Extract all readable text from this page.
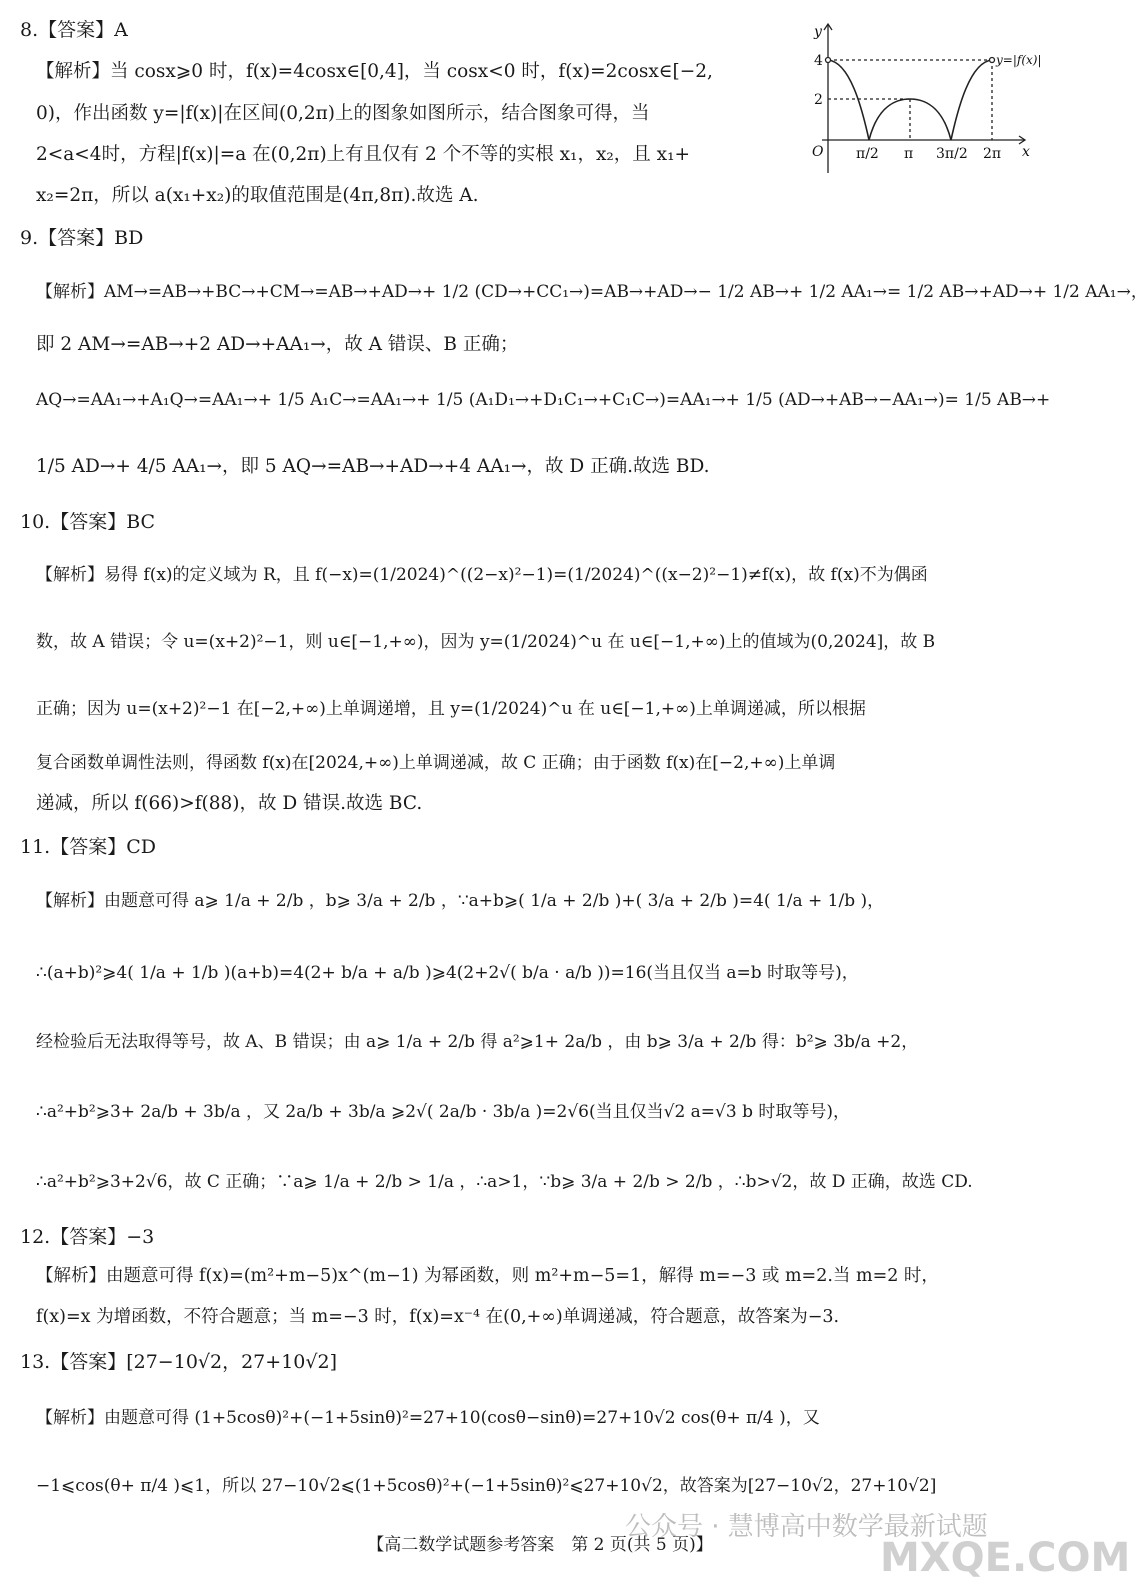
8.【答案】A
【解析】当 cosx⩾0 时，f(x)=4cosx∈[0,4]，当 cosx<0 时，f(x)=2cosx∈[−2,
0)，作出函数 y=|f(x)|在区间(0,2π)上的图象如图所示，结合图象可得，当
2<a<4时，方程|f(x)|=a 在(0,2π)上有且仅有 2 个不等的实根 x₁，x₂，且 x₁+
x₂=2π，所以 a(x₁+x₂)的取值范围是(4π,8π).故选 A.
y
x
O
4
2
π/2 π 3π/2 2π
y=|f(x)|
9.【答案】BD
【解析】AM→=AB→+BC→+CM→=AB→+AD→+ 1/2 (CD→+CC₁→)=AB→+AD→− 1/2 AB→+ 1/2 AA₁→= 1/2 AB→+AD→+ 1/2 AA₁→，
即 2 AM→=AB→+2 AD→+AA₁→，故 A 错误、B 正确；
AQ→=AA₁→+A₁Q→=AA₁→+ 1/5 A₁C→=AA₁→+ 1/5 (A₁D₁→+D₁C₁→+C₁C→)=AA₁→+ 1/5 (AD→+AB→−AA₁→)= 1/5 AB→+
1/5 AD→+ 4/5 AA₁→，即 5 AQ→=AB→+AD→+4 AA₁→，故 D 正确.故选 BD.
10.【答案】BC
【解析】易得 f(x)的定义域为 R，且 f(−x)=(1/2024)^((2−x)²−1)=(1/2024)^((x−2)²−1)≠f(x)，故 f(x)不为偶函
数，故 A 错误；令 u=(x+2)²−1，则 u∈[−1,+∞)，因为 y=(1/2024)^u 在 u∈[−1,+∞)上的值域为(0,2024]，故 B
正确；因为 u=(x+2)²−1 在[−2,+∞)上单调递增，且 y=(1/2024)^u 在 u∈[−1,+∞)上单调递减，所以根据
复合函数单调性法则，得函数 f(x)在[2024,+∞)上单调递减，故 C 正确；由于函数 f(x)在[−2,+∞)上单调
递减，所以 f(66)>f(88)，故 D 错误.故选 BC.
11.【答案】CD
【解析】由题意可得 a⩾ 1/a + 2/b ，b⩾ 3/a + 2/b ，∵a+b⩾( 1/a + 2/b )+( 3/a + 2/b )=4( 1/a + 1/b )，
∴(a+b)²⩾4( 1/a + 1/b )(a+b)=4(2+ b/a + a/b )⩾4(2+2√( b/a · a/b ))=16(当且仅当 a=b 时取等号)，
经检验后无法取得等号，故 A、B 错误；由 a⩾ 1/a + 2/b 得 a²⩾1+ 2a/b ，由 b⩾ 3/a + 2/b 得：b²⩾ 3b/a +2，
∴a²+b²⩾3+ 2a/b + 3b/a ，又 2a/b + 3b/a ⩾2√( 2a/b · 3b/a )=2√6(当且仅当√2 a=√3 b 时取等号)，
∴a²+b²⩾3+2√6，故 C 正确；∵a⩾ 1/a + 2/b > 1/a ，∴a>1，∵b⩾ 3/a + 2/b > 2/b ，∴b>√2，故 D 正确，故选 CD.
12.【答案】−3
【解析】由题意可得 f(x)=(m²+m−5)x^(m−1) 为幂函数，则 m²+m−5=1，解得 m=−3 或 m=2.当 m=2 时，
f(x)=x 为增函数，不符合题意；当 m=−3 时，f(x)=x⁻⁴ 在(0,+∞)单调递减，符合题意，故答案为−3.
13.【答案】[27−10√2，27+10√2]
【解析】由题意可得 (1+5cosθ)²+(−1+5sinθ)²=27+10(cosθ−sinθ)=27+10√2 cos(θ+ π/4 )，又
−1⩽cos(θ+ π/4 )⩽1，所以 27−10√2⩽(1+5cosθ)²+(−1+5sinθ)²⩽27+10√2，故答案为[27−10√2，27+10√2]
公众号 · 慧博高中数学最新试题
MXQE.COM
【高二数学试题参考答案　第 2 页(共 5 页)】
